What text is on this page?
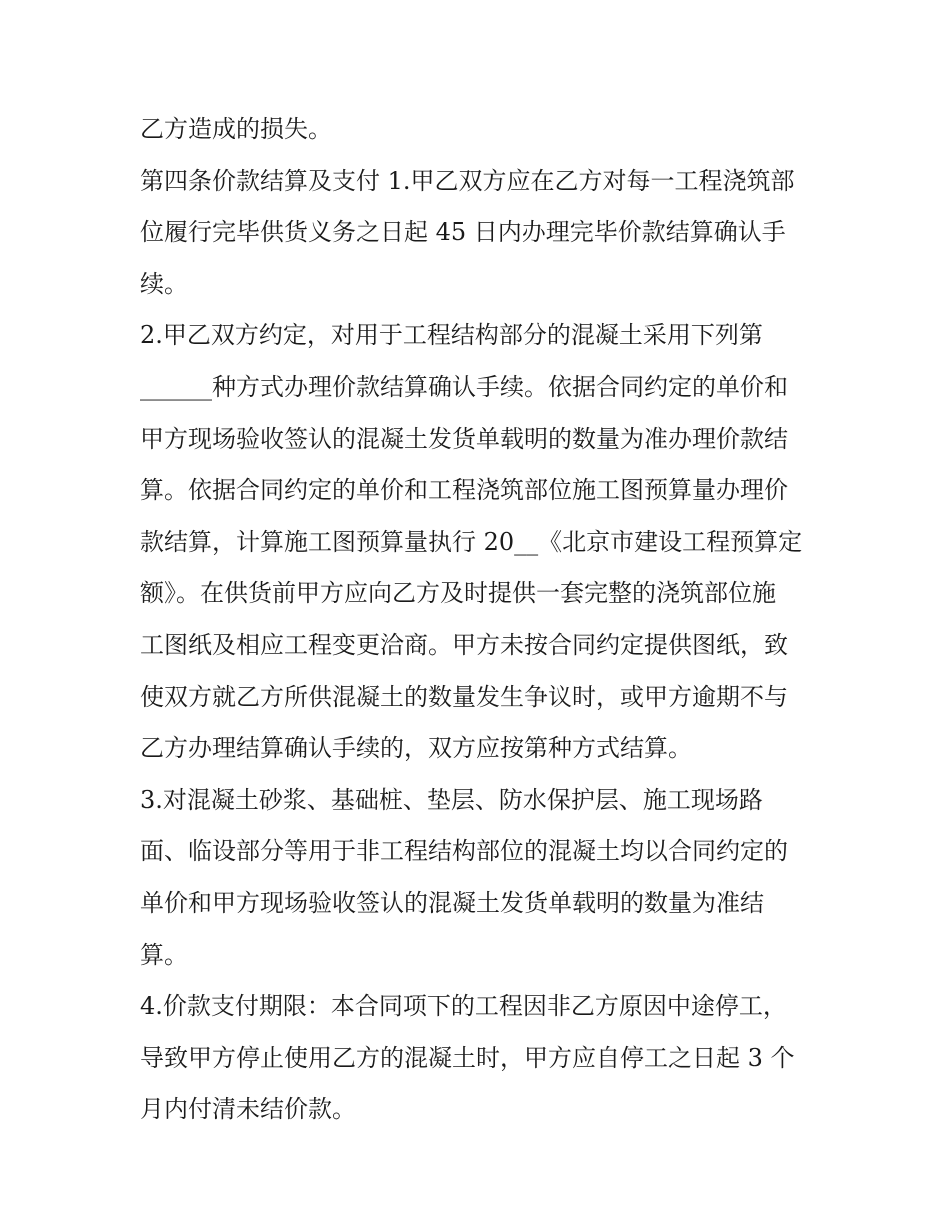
乙方造成的损失。
第四条价款结算及支付 1.甲乙双方应在乙方对每一工程浇筑部
位履行完毕供货义务之日起 45 日内办理完毕价款结算确认手
续。
2.甲乙双方约定，对用于工程结构部分的混凝土采用下列第
______种方式办理价款结算确认手续。依据合同约定的单价和
甲方现场验收签认的混凝土发货单载明的数量为准办理价款结
算。依据合同约定的单价和工程浇筑部位施工图预算量办理价
款结算，计算施工图预算量执行 20__《北京市建设工程预算定
额》。在供货前甲方应向乙方及时提供一套完整的浇筑部位施
工图纸及相应工程变更洽商。甲方未按合同约定提供图纸，致
使双方就乙方所供混凝土的数量发生争议时，或甲方逾期不与
乙方办理结算确认手续的，双方应按第种方式结算。
3.对混凝土砂浆、基础桩、垫层、防水保护层、施工现场路
面、临设部分等用于非工程结构部位的混凝土均以合同约定的
单价和甲方现场验收签认的混凝土发货单载明的数量为准结
算。
4.价款支付期限：本合同项下的工程因非乙方原因中途停工，
导致甲方停止使用乙方的混凝土时，甲方应自停工之日起 3 个
月内付清未结价款。
